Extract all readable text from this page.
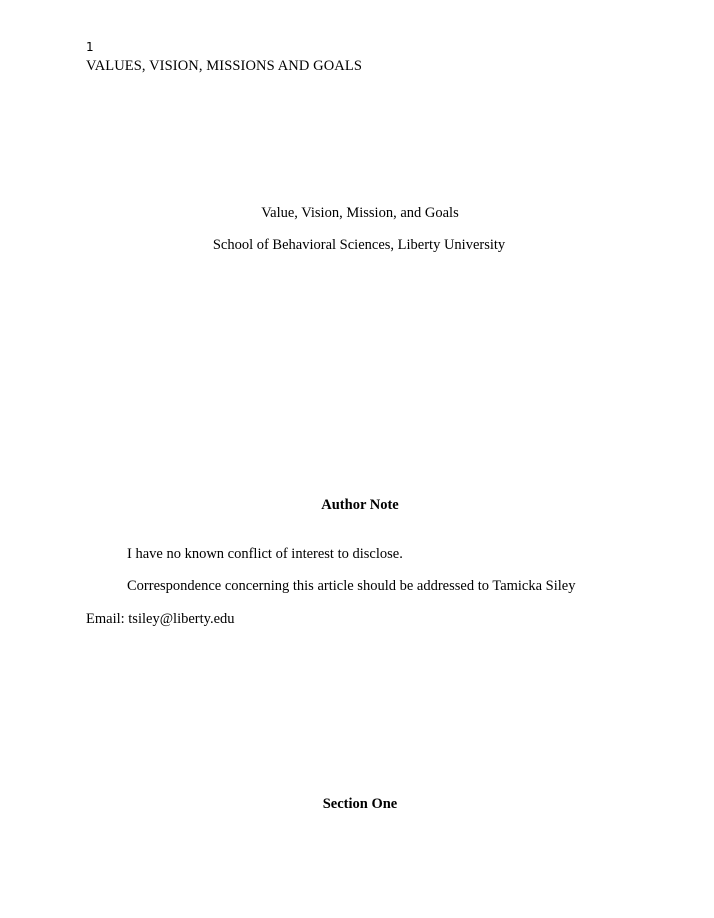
1
VALUES, VISION, MISSIONS AND GOALS
Value, Vision, Mission, and Goals
School of Behavioral Sciences, Liberty University
Author Note
I have no known conflict of interest to disclose.
Correspondence concerning this article should be addressed to Tamicka Siley
Email: tsiley@liberty.edu
Section One
